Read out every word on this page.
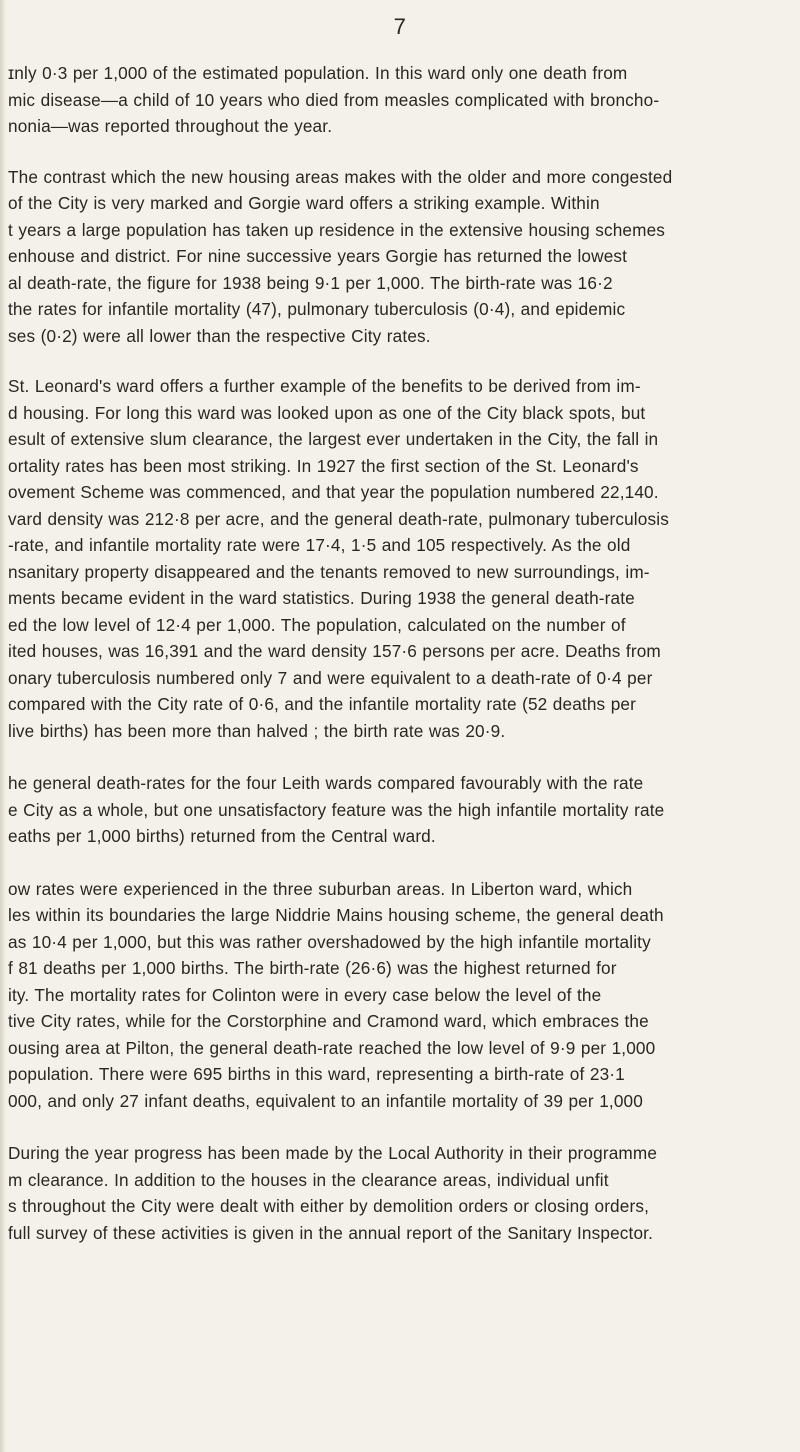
7

ɪnly 0·3 per 1,000 of the estimated population. In this ward only one death from
mic disease—a child of 10 years who died from measles complicated with broncho-
nonia—was reported throughout the year.

The contrast which the new housing areas makes with the older and more congested
of the City is very marked and Gorgie ward offers a striking example. Within
t years a large population has taken up residence in the extensive housing schemes
enhouse and district. For nine successive years Gorgie has returned the lowest
al death-rate, the figure for 1938 being 9·1 per 1,000. The birth-rate was 16·2
the rates for infantile mortality (47), pulmonary tuberculosis (0·4), and epidemic
ses (0·2) were all lower than the respective City rates.

St. Leonard's ward offers a further example of the benefits to be derived from im-
d housing. For long this ward was looked upon as one of the City black spots, but
esult of extensive slum clearance, the largest ever undertaken in the City, the fall in
ortality rates has been most striking. In 1927 the first section of the St. Leonard's
ovement Scheme was commenced, and that year the population numbered 22,140.
vard density was 212·8 per acre, and the general death-rate, pulmonary tuberculosis
-rate, and infantile mortality rate were 17·4, 1·5 and 105 respectively. As the old
nsanitary property disappeared and the tenants removed to new surroundings, im-
ments became evident in the ward statistics. During 1938 the general death-rate
ed the low level of 12·4 per 1,000. The population, calculated on the number of
ited houses, was 16,391 and the ward density 157·6 persons per acre. Deaths from
onary tuberculosis numbered only 7 and were equivalent to a death-rate of 0·4 per
compared with the City rate of 0·6, and the infantile mortality rate (52 deaths per
live births) has been more than halved ; the birth rate was 20·9.

he general death-rates for the four Leith wards compared favourably with the rate
e City as a whole, but one unsatisfactory feature was the high infantile mortality rate
eaths per 1,000 births) returned from the Central ward.

ow rates were experienced in the three suburban areas. In Liberton ward, which
les within its boundaries the large Niddrie Mains housing scheme, the general death
as 10·4 per 1,000, but this was rather overshadowed by the high infantile mortality
f 81 deaths per 1,000 births. The birth-rate (26·6) was the highest returned for
ity. The mortality rates for Colinton were in every case below the level of the
tive City rates, while for the Corstorphine and Cramond ward, which embraces the
ousing area at Pilton, the general death-rate reached the low level of 9·9 per 1,000
population. There were 695 births in this ward, representing a birth-rate of 23·1
000, and only 27 infant deaths, equivalent to an infantile mortality of 39 per 1,000

During the year progress has been made by the Local Authority in their programme
m clearance. In addition to the houses in the clearance areas, individual unfit
s throughout the City were dealt with either by demolition orders or closing orders,
full survey of these activities is given in the annual report of the Sanitary Inspector.
